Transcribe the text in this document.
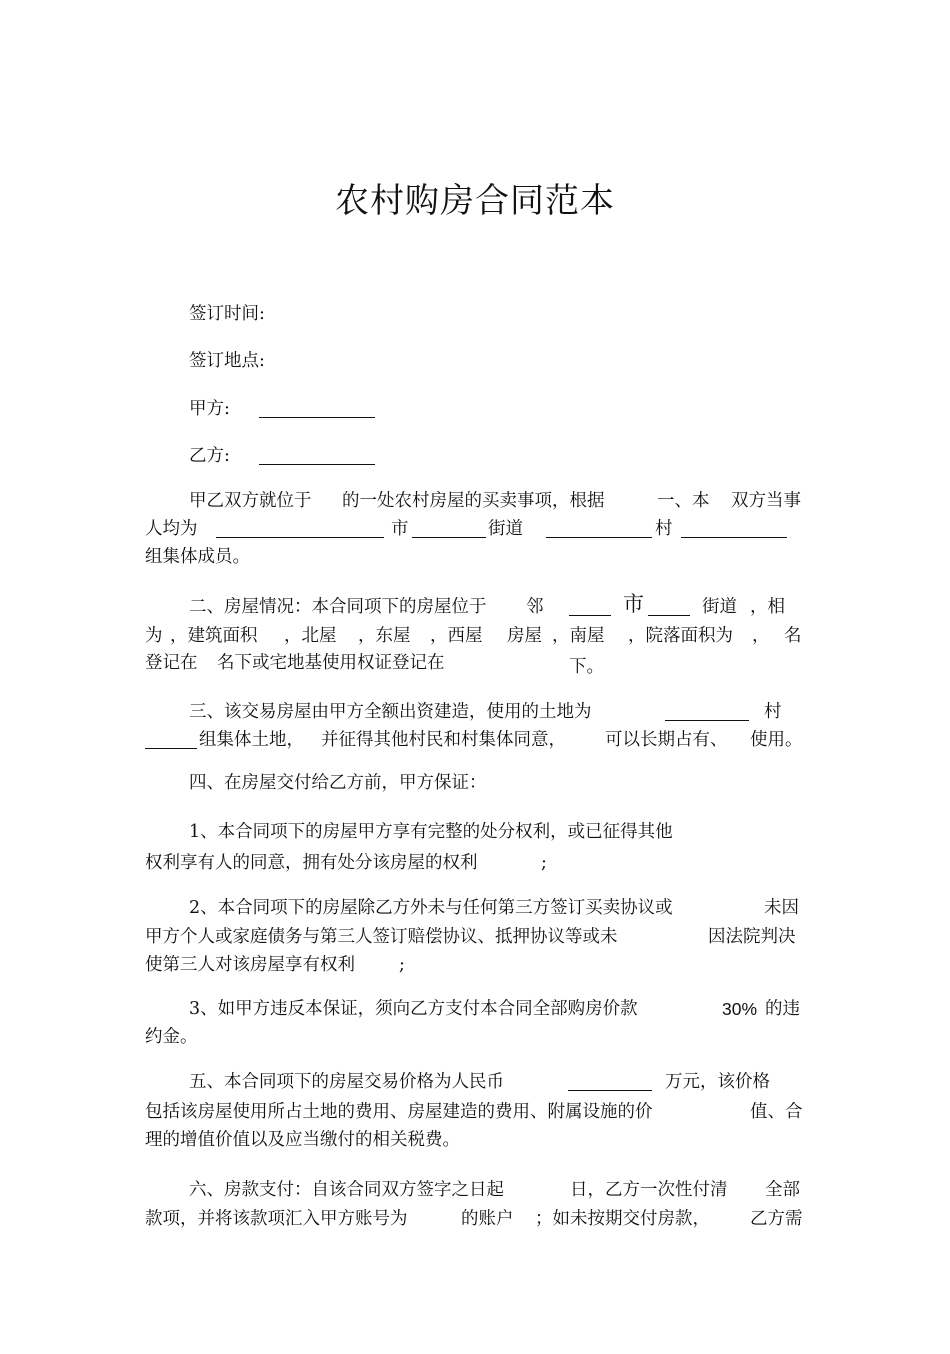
农村购房合同范本
签订时间:
签订地点:
甲方:
乙方:
甲乙双方就位于 的一处农村房屋的买卖事项，根据	一、本 双方当事
人均为	市	街道	村
组集体成员。
二、房屋情况：本合同项下的房屋位于 邻	市	街道 ，相
为 ，建筑面积 ，北屋 ，东屋 ，西屋 房屋 ，南屋 ，院落面积为 ， 名
登记在 名下或宅地基使用权证登记在	下。
三、该交易房屋由甲方全额出资建造，使用的土地为	村
组集体土地， 并征得其他村民和村集体同意， 可以长期占有、 使用。
四、在房屋交付给乙方前，甲方保证：
1、本合同项下的房屋甲方享有完整的处分权利，或已征得其他
权利享有人的同意，拥有处分该房屋的权利	;
2、本合同项下的房屋除乙方外未与任何第三方签订买卖协议或	未因
甲方个人或家庭债务与第三人签订赔偿协议、抵押协议等或未	因法院判决
使第三人对该房屋享有权利	;
3、如甲方违反本保证，须向乙方支付本合同全部购房价款	30% 的违
约金。
五、本合同项下的房屋交易价格为人民币	万元，该价格
包括该房屋使用所占土地的费用、房屋建造的费用、附属设施的价	值、合
理的增值价值以及应当缴付的相关税费。
六、房款支付：自该合同双方签字之日起	日，乙方一次性付清 全部
款项，并将该款项汇入甲方账号为	的账户 ；如未按期交付房款， 乙方需
